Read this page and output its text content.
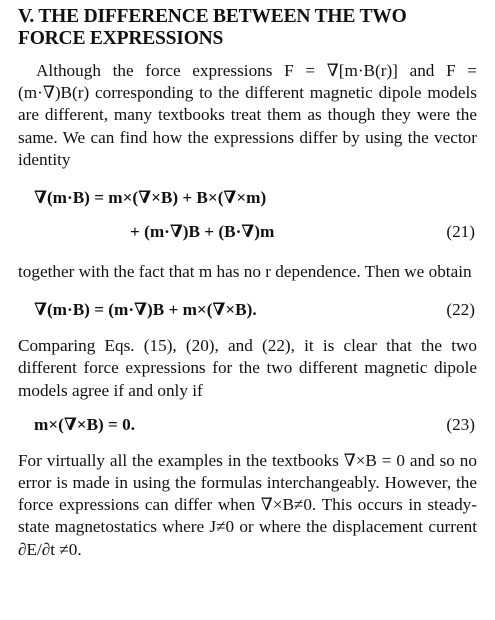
V. THE DIFFERENCE BETWEEN THE TWO FORCE EXPRESSIONS

Although the force expressions F = ∇[m·B(r)] and F = (m·∇)B(r) corresponding to the different magnetic dipole models are different, many textbooks treat them as though they were the same. We can find how the expressions differ by using the vector identity

∇(m·B) = m×(∇×B) + B×(∇×m)
+ (m·∇)B + (B·∇)m	(21)

together with the fact that m has no r dependence. Then we obtain

∇(m·B) = (m·∇)B + m×(∇×B).	(22)

Comparing Eqs. (15), (20), and (22), it is clear that the two different force expressions for the two different magnetic dipole models agree if and only if

m×(∇×B) = 0.	(23)

For virtually all the examples in the textbooks ∇×B = 0 and so no error is made in using the formulas interchangeably. However, the force expressions can differ when ∇×B≠0. This occurs in steady-state magnetostatics where J≠0 or where the displacement current ∂E/∂t ≠0.
